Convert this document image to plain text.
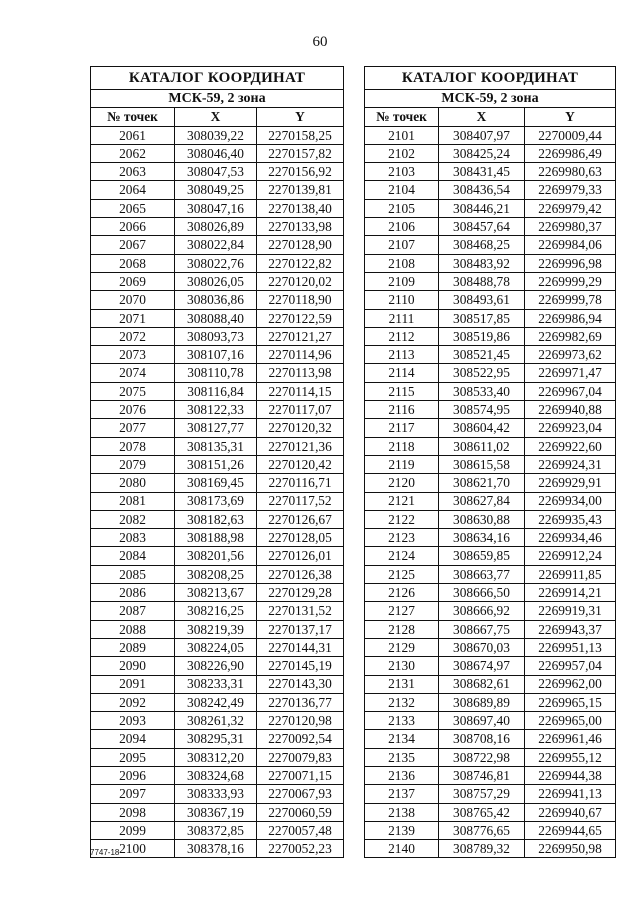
60
КАТАЛОГ КООРДИНАТ		
МСК-59, 2 зона		
№ точек	X	Y
2061	308039,22	2270158,25
2062	308046,40	2270157,82
2063	308047,53	2270156,92
2064	308049,25	2270139,81
2065	308047,16	2270138,40
2066	308026,89	2270133,98
2067	308022,84	2270128,90
2068	308022,76	2270122,82
2069	308026,05	2270120,02
2070	308036,86	2270118,90
2071	308088,40	2270122,59
2072	308093,73	2270121,27
2073	308107,16	2270114,96
2074	308110,78	2270113,98
2075	308116,84	2270114,15
2076	308122,33	2270117,07
2077	308127,77	2270120,32
2078	308135,31	2270121,36
2079	308151,26	2270120,42
2080	308169,45	2270116,71
2081	308173,69	2270117,52
2082	308182,63	2270126,67
2083	308188,98	2270128,05
2084	308201,56	2270126,01
2085	308208,25	2270126,38
2086	308213,67	2270129,28
2087	308216,25	2270131,52
2088	308219,39	2270137,17
2089	308224,05	2270144,31
2090	308226,90	2270145,19
2091	308233,31	2270143,30
2092	308242,49	2270136,77
2093	308261,32	2270120,98
2094	308295,31	2270092,54
2095	308312,20	2270079,83
2096	308324,68	2270071,15
2097	308333,93	2270067,93
2098	308367,19	2270060,59
2099	308372,85	2270057,48
2100	308378,16	2270052,23
КАТАЛОГ КООРДИНАТ		
МСК-59, 2 зона		
№ точек	X	Y
2101	308407,97	2270009,44
2102	308425,24	2269986,49
2103	308431,45	2269980,63
2104	308436,54	2269979,33
2105	308446,21	2269979,42
2106	308457,64	2269980,37
2107	308468,25	2269984,06
2108	308483,92	2269996,98
2109	308488,78	2269999,29
2110	308493,61	2269999,78
2111	308517,85	2269986,94
2112	308519,86	2269982,69
2113	308521,45	2269973,62
2114	308522,95	2269971,47
2115	308533,40	2269967,04
2116	308574,95	2269940,88
2117	308604,42	2269923,04
2118	308611,02	2269922,60
2119	308615,58	2269924,31
2120	308621,70	2269929,91
2121	308627,84	2269934,00
2122	308630,88	2269935,43
2123	308634,16	2269934,46
2124	308659,85	2269912,24
2125	308663,77	2269911,85
2126	308666,50	2269914,21
2127	308666,92	2269919,31
2128	308667,75	2269943,37
2129	308670,03	2269951,13
2130	308674,97	2269957,04
2131	308682,61	2269962,00
2132	308689,89	2269965,15
2133	308697,40	2269965,00
2134	308708,16	2269961,46
2135	308722,98	2269955,12
2136	308746,81	2269944,38
2137	308757,29	2269941,13
2138	308765,42	2269940,67
2139	308776,65	2269944,65
2140	308789,32	2269950,98
7747-18
